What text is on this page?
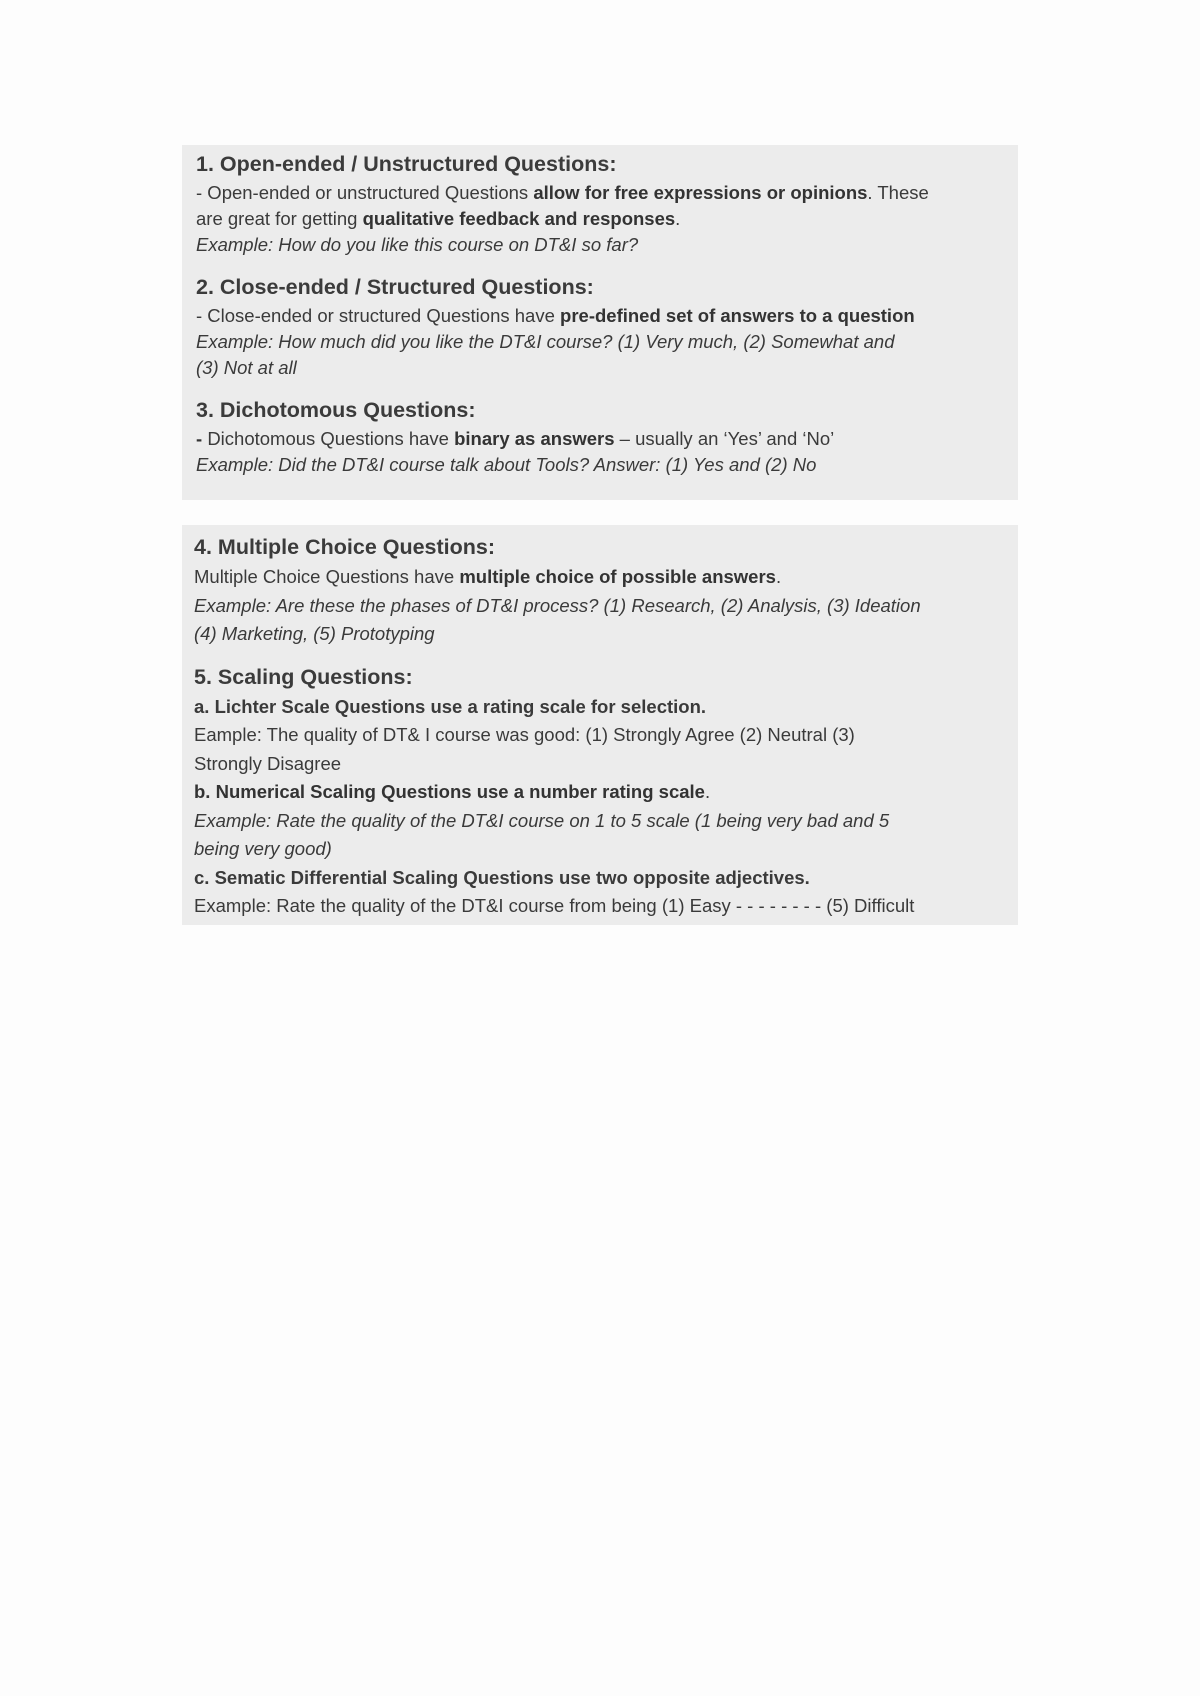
1. Open-ended / Unstructured Questions:
- Open-ended or unstructured Questions allow for free expressions or opinions. These
are great for getting qualitative feedback and responses.
Example: How do you like this course on DT&I so far?
2. Close-ended / Structured Questions:
- Close-ended or structured Questions have pre-defined set of answers to a question
Example: How much did you like the DT&I course? (1) Very much, (2) Somewhat and
(3) Not at all
3. Dichotomous Questions:
- Dichotomous Questions have binary as answers – usually an ‘Yes’ and ‘No’
Example: Did the DT&I course talk about Tools? Answer: (1) Yes and (2) No
4. Multiple Choice Questions:
Multiple Choice Questions have multiple choice of possible answers.
Example: Are these the phases of DT&I process? (1) Research, (2) Analysis, (3) Ideation
(4) Marketing, (5) Prototyping
5. Scaling Questions:
a. Lichter Scale Questions use a rating scale for selection.
Eample: The quality of DT& I course was good: (1) Strongly Agree (2) Neutral (3)
Strongly Disagree
b. Numerical Scaling Questions use a number rating scale.
Example: Rate the quality of the DT&I course on 1 to 5 scale (1 being very bad and 5
being very good)
c. Sematic Differential Scaling Questions use two opposite adjectives.
Example: Rate the quality of the DT&I course from being (1) Easy - - - - - - - - (5) Difficult
